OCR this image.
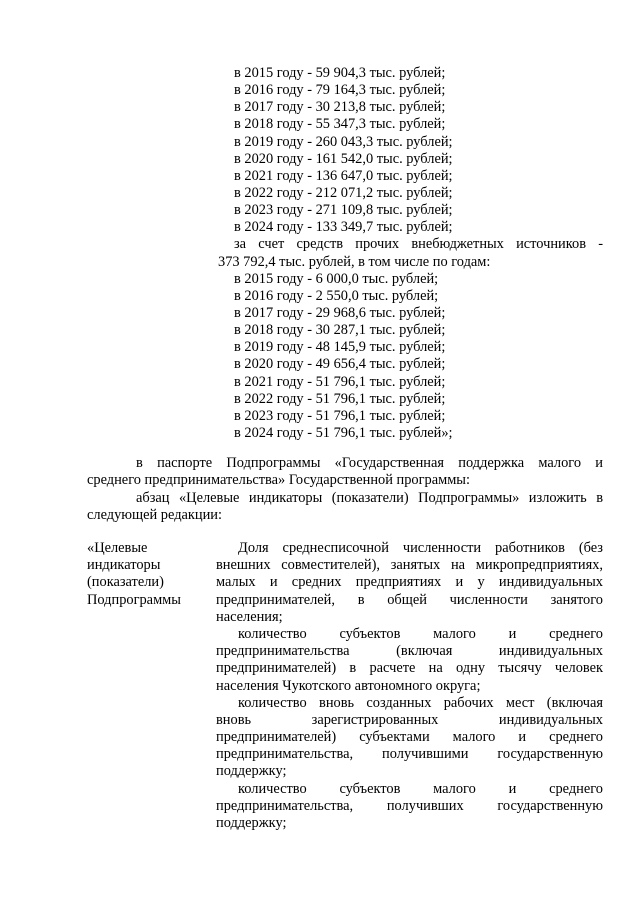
в 2015 году - 59 904,3 тыс. рублей;
в 2016 году - 79 164,3 тыс. рублей;
в 2017 году - 30 213,8 тыс. рублей;
в 2018 году - 55 347,3 тыс. рублей;
в 2019 году - 260 043,3 тыс. рублей;
в 2020 году - 161 542,0 тыс. рублей;
в 2021 году - 136 647,0 тыс. рублей;
в 2022 году - 212 071,2 тыс. рублей;
в 2023 году - 271 109,8 тыс. рублей;
в 2024 году - 133 349,7 тыс. рублей;
за счет средств прочих внебюджетных источников -
373 792,4 тыс. рублей, в том числе по годам:
в 2015 году - 6 000,0 тыс. рублей;
в 2016 году - 2 550,0 тыс. рублей;
в 2017 году - 29 968,6 тыс. рублей;
в 2018 году - 30 287,1 тыс. рублей;
в 2019 году - 48 145,9 тыс. рублей;
в 2020 году - 49 656,4 тыс. рублей;
в 2021 году - 51 796,1 тыс. рублей;
в 2022 году - 51 796,1 тыс. рублей;
в 2023 году - 51 796,1 тыс. рублей;
в 2024 году - 51 796,1 тыс. рублей»;
в паспорте Подпрограммы «Государственная поддержка малого и
среднего предпринимательства» Государственной программы:
абзац «Целевые индикаторы (показатели) Подпрограммы» изложить в
следующей редакции:
«Целевые
индикаторы
(показатели)
Подпрограммы
Доля среднесписочной численности работников (без
внешних совместителей), занятых на микропредприятиях,
малых и средних предприятиях и у индивидуальных
предпринимателей, в общей численности занятого
населения;
количество субъектов малого и среднего
предпринимательства (включая индивидуальных
предпринимателей) в расчете на одну тысячу человек
населения Чукотского автономного округа;
количество вновь созданных рабочих мест (включая
вновь зарегистрированных индивидуальных
предпринимателей) субъектами малого и среднего
предпринимательства, получившими государственную
поддержку;
количество субъектов малого и среднего
предпринимательства, получивших государственную
поддержку;
